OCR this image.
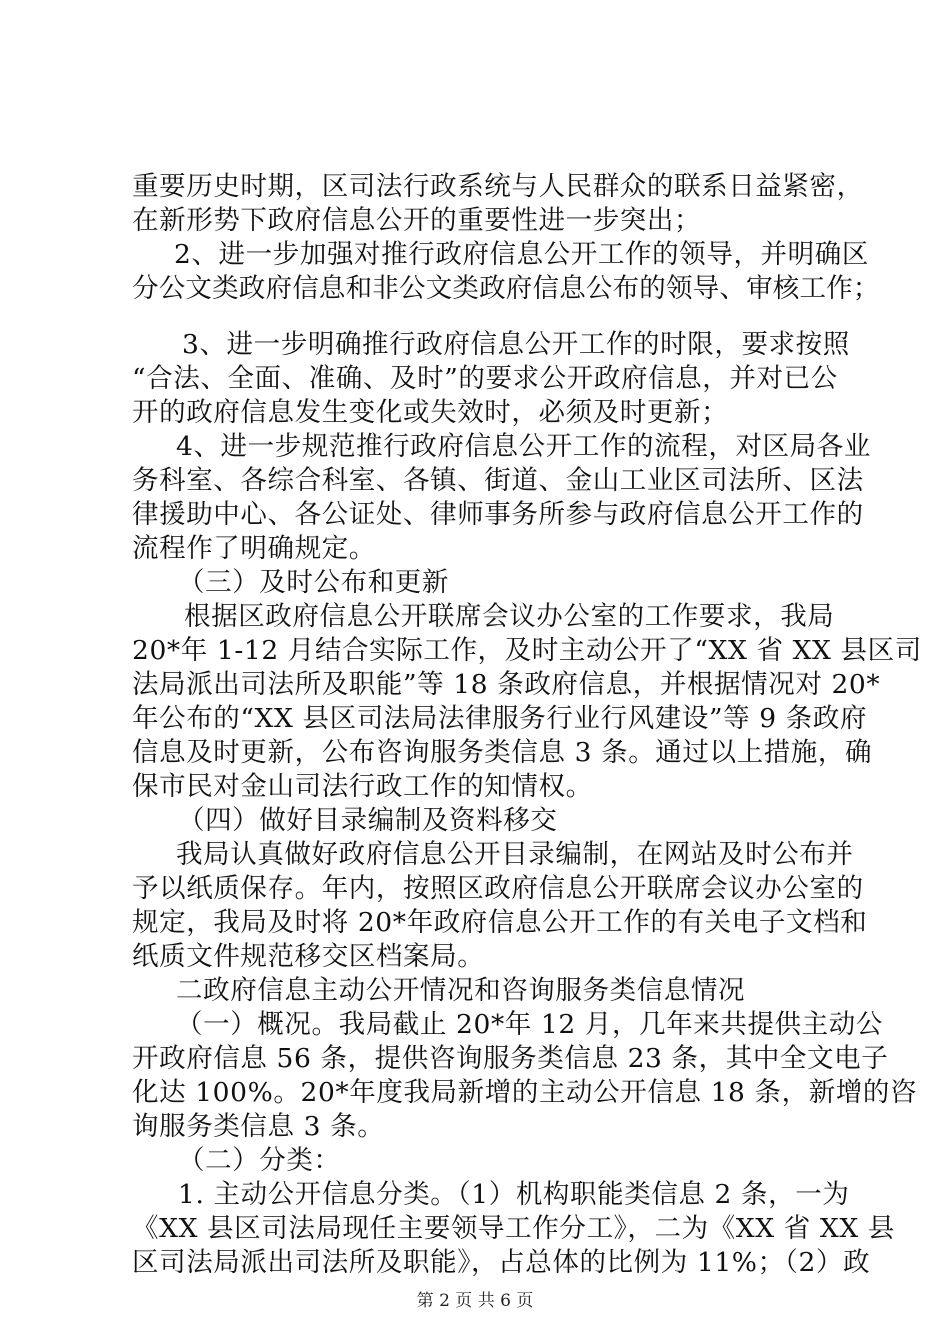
重要历史时期，区司法行政系统与人民群众的联系日益紧密，
在新形势下政府信息公开的重要性进一步突出；
2、进一步加强对推行政府信息公开工作的领导，并明确区
分公文类政府信息和非公文类政府信息公布的领导、审核工作；
3、进一步明确推行政府信息公开工作的时限，要求按照
“合法、全面、准确、及时”的要求公开政府信息，并对已公
开的政府信息发生变化或失效时，必须及时更新；
4、进一步规范推行政府信息公开工作的流程，对区局各业
务科室、各综合科室、各镇、街道、金山工业区司法所、区法
律援助中心、各公证处、律师事务所参与政府信息公开工作的
流程作了明确规定。
（三）及时公布和更新
根据区政府信息公开联席会议办公室的工作要求，我局
20*年 1-12 月结合实际工作，及时主动公开了“XX 省 XX 县区司
法局派出司法所及职能”等 18 条政府信息，并根据情况对 20*
年公布的“XX 县区司法局法律服务行业行风建设”等 9 条政府
信息及时更新，公布咨询服务类信息 3 条。通过以上措施，确
保市民对金山司法行政工作的知情权。
（四）做好目录编制及资料移交
我局认真做好政府信息公开目录编制，在网站及时公布并
予以纸质保存。年内，按照区政府信息公开联席会议办公室的
规定，我局及时将 20*年政府信息公开工作的有关电子文档和
纸质文件规范移交区档案局。
二政府信息主动公开情况和咨询服务类信息情况
（一）概况。我局截止 20*年 12 月，几年来共提供主动公
开政府信息 56 条，提供咨询服务类信息 23 条，其中全文电子
化达 100%。20*年度我局新增的主动公开信息 18 条，新增的咨
询服务类信息 3 条。
（二）分类：
1. 主动公开信息分类。（1）机构职能类信息 2 条，一为
《XX 县区司法局现任主要领导工作分工》，二为《XX 省 XX 县
区司法局派出司法所及职能》，占总体的比例为 11%；（2）政
第 2 页 共 6 页
